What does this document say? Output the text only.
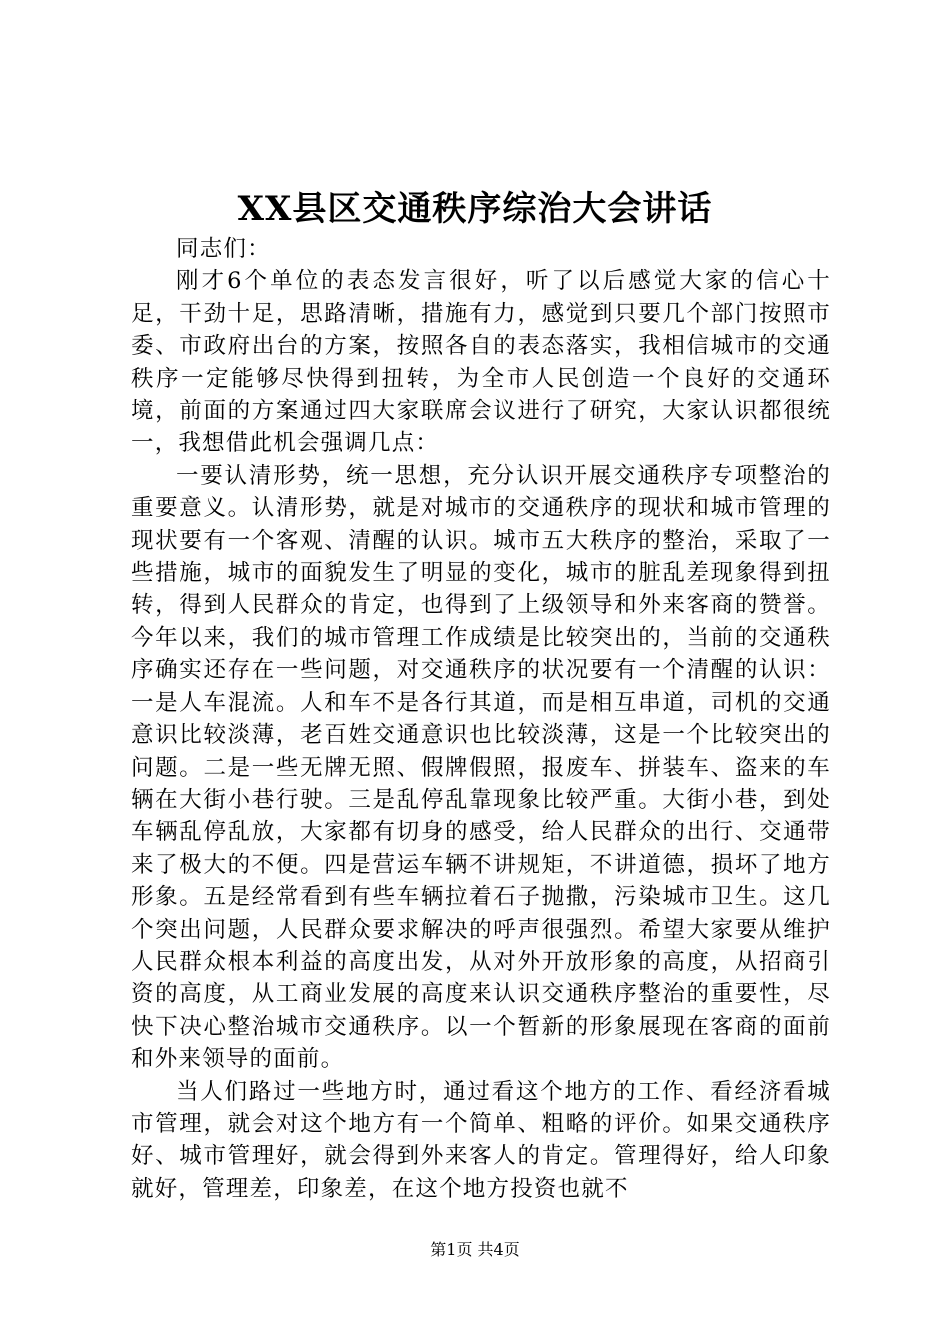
XX县区交通秩序综治大会讲话

同志们：

刚才6个单位的表态发言很好，听了以后感觉大家的信心十足，干劲十足，思路清晰，措施有力，感觉到只要几个部门按照市委、市政府出台的方案，按照各自的表态落实，我相信城市的交通秩序一定能够尽快得到扭转，为全市人民创造一个良好的交通环境，前面的方案通过四大家联席会议进行了研究，大家认识都很统一，我想借此机会强调几点：

一要认清形势，统一思想，充分认识开展交通秩序专项整治的重要意义。认清形势，就是对城市的交通秩序的现状和城市管理的现状要有一个客观、清醒的认识。城市五大秩序的整治，采取了一些措施，城市的面貌发生了明显的变化，城市的脏乱差现象得到扭转，得到人民群众的肯定，也得到了上级领导和外来客商的赞誉。今年以来，我们的城市管理工作成绩是比较突出的，当前的交通秩序确实还存在一些问题，对交通秩序的状况要有一个清醒的认识：一是人车混流。人和车不是各行其道，而是相互串道，司机的交通意识比较淡薄，老百姓交通意识也比较淡薄，这是一个比较突出的问题。二是一些无牌无照、假牌假照，报废车、拼装车、盗来的车辆在大街小巷行驶。三是乱停乱靠现象比较严重。大街小巷，到处车辆乱停乱放，大家都有切身的感受，给人民群众的出行、交通带来了极大的不便。四是营运车辆不讲规矩，不讲道德，损坏了地方形象。五是经常看到有些车辆拉着石子抛撒，污染城市卫生。这几个突出问题，人民群众要求解决的呼声很强烈。希望大家要从维护人民群众根本利益的高度出发，从对外开放形象的高度，从招商引资的高度，从工商业发展的高度来认识交通秩序整治的重要性，尽快下决心整治城市交通秩序。以一个暂新的形象展现在客商的面前和外来领导的面前。

当人们路过一些地方时，通过看这个地方的工作、看经济看城市管理，就会对这个地方有一个简单、粗略的评价。如果交通秩序好、城市管理好，就会得到外来客人的肯定。管理得好，给人印象就好，管理差，印象差，在这个地方投资也就不

第1页 共4页
